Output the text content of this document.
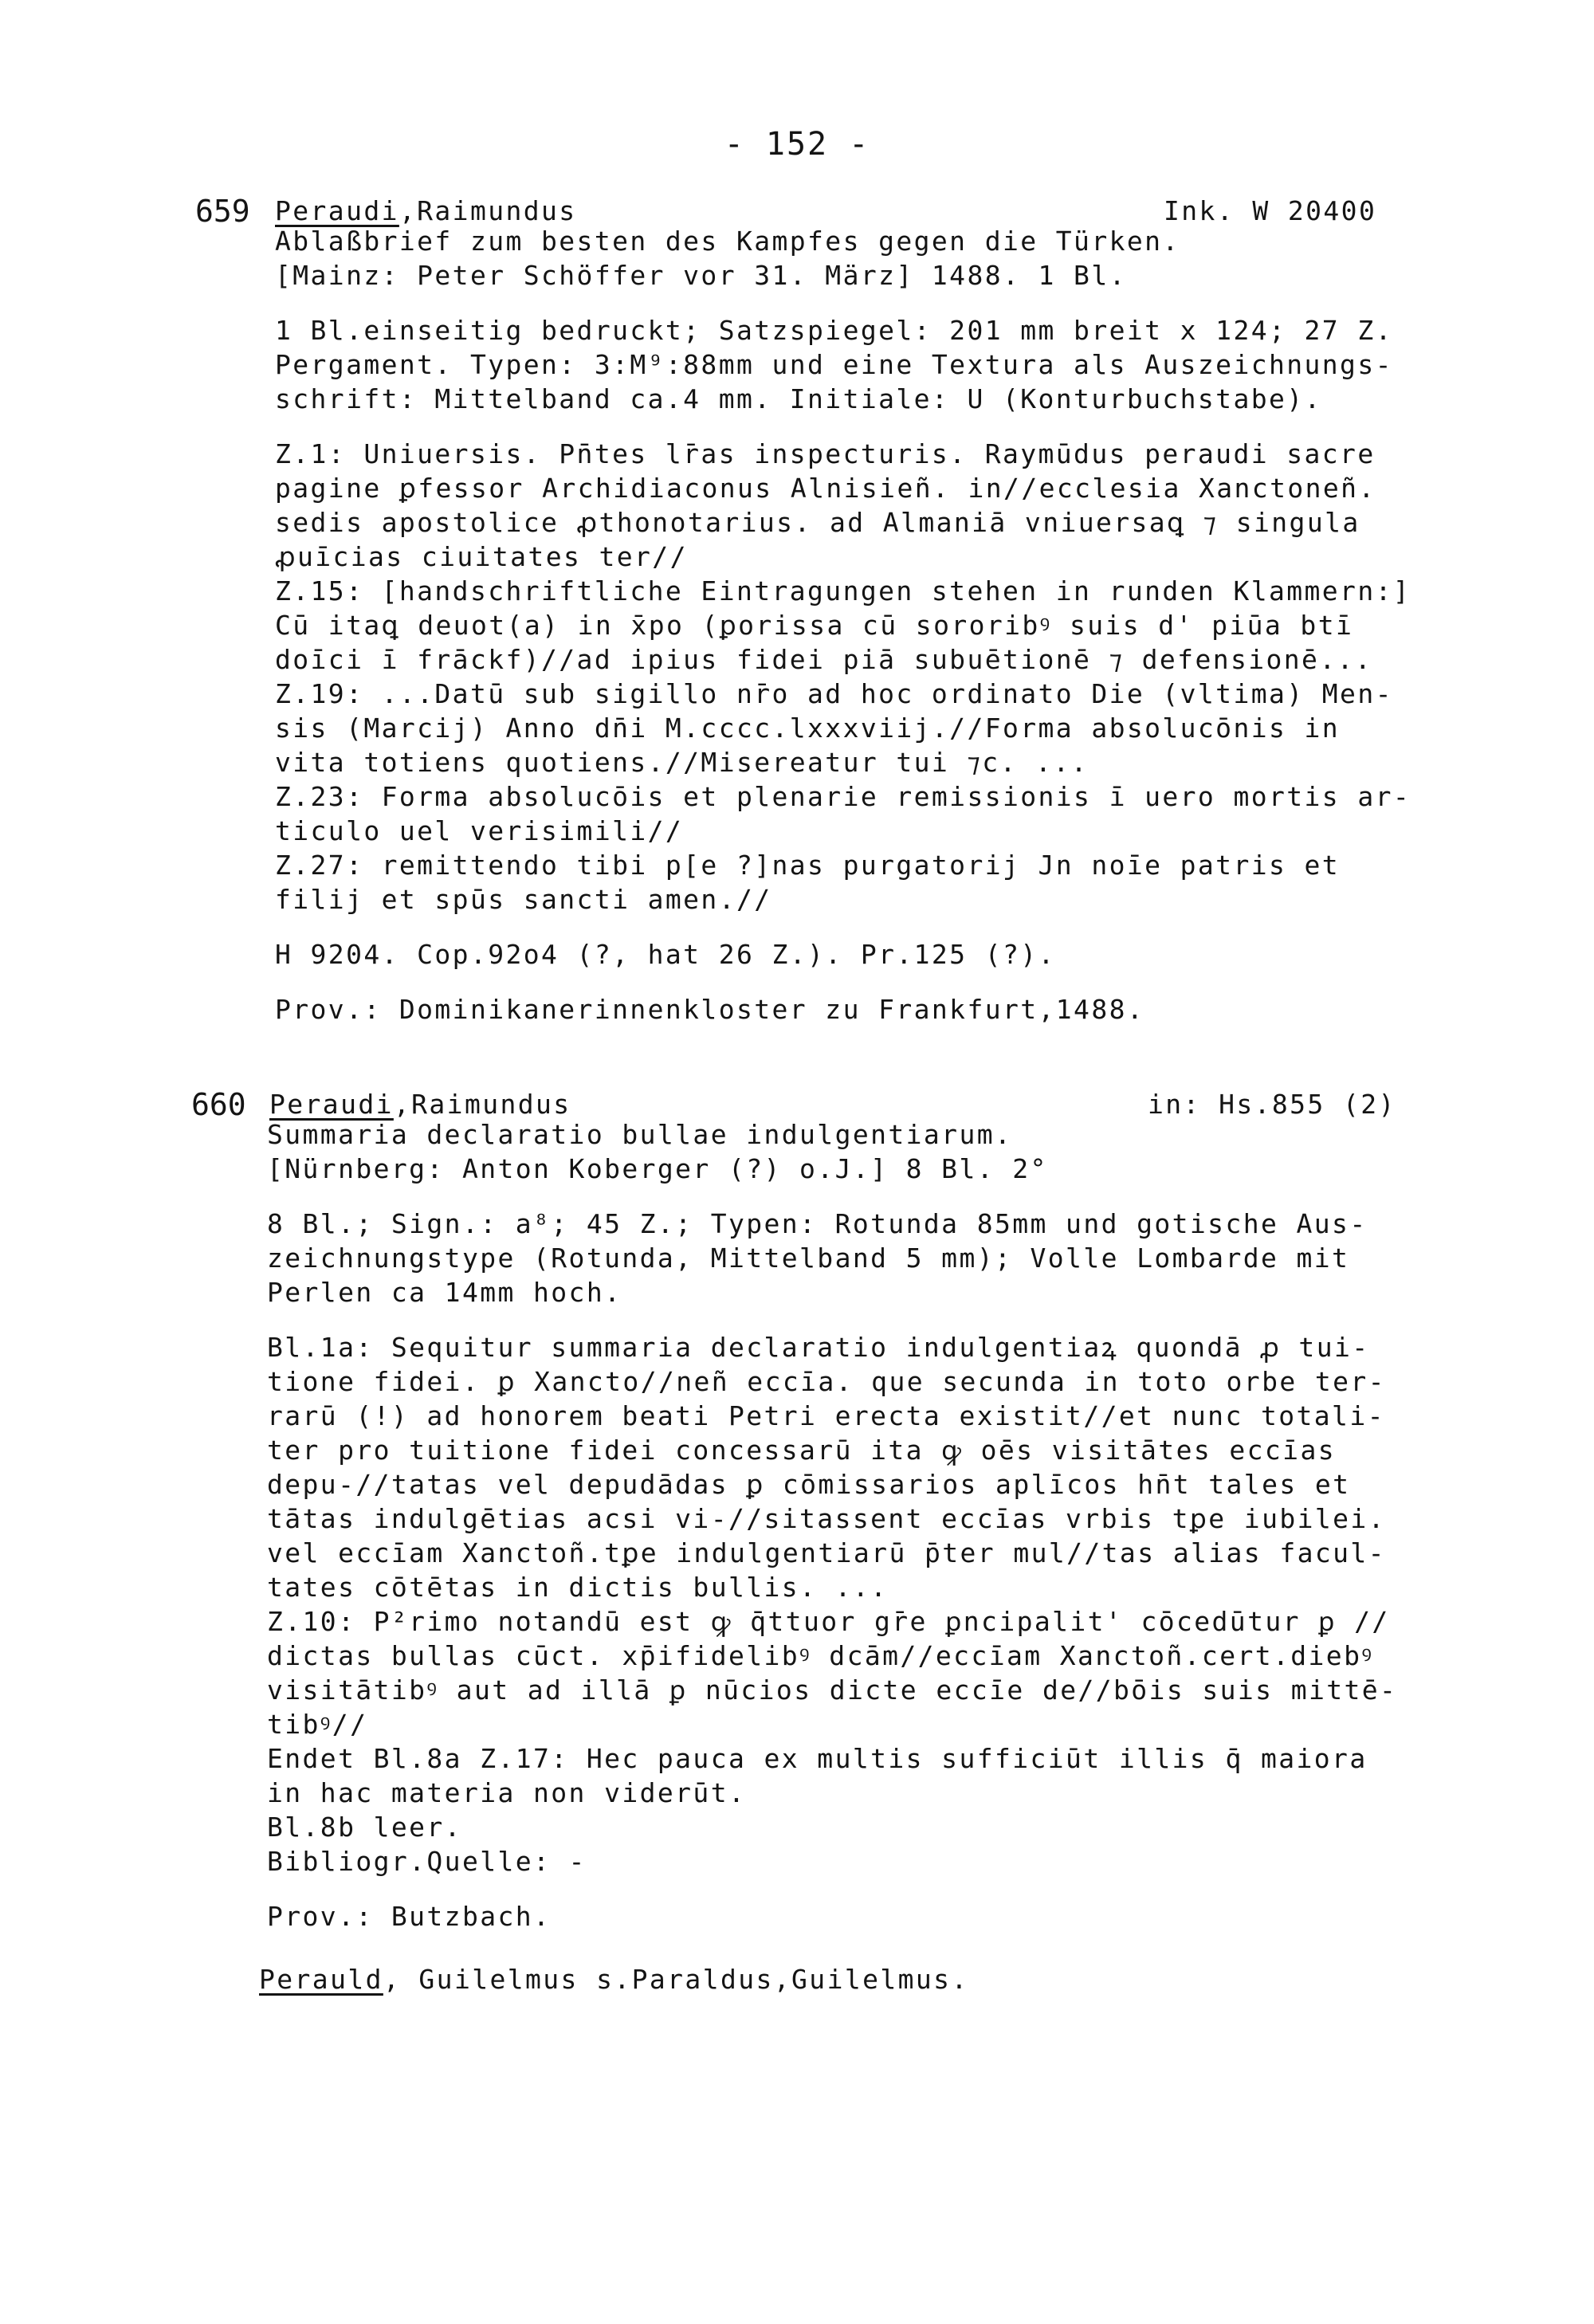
- 152 -
659 Peraudi,Raimundus	Ink. W 20400
Ablaßbrief zum besten des Kampfes gegen die Türken.
[Mainz: Peter Schöffer vor 31. März] 1488. 1 Bl.
1 Bl.einseitig bedruckt; Satzspiegel: 201 mm breit x 124; 27 Z.
Pergament. Typen: 3:M⁹:88mm und eine Textura als Auszeichnungs-
schrift: Mittelband ca.4 mm. Initiale: U (Konturbuchstabe).
Z.1: Uniuersis. Pn̄tes lr̄as inspecturis. Raymūdus peraudi sacre
pagine ꝑfessor Archidiaconus Alnisieñ. in//ecclesia Xanctoneñ.
sedis apostolice ꝓthonotarius. ad Almaniā vniuersaꝗ ⁊ singula
ꝓuīcias ciuitates ter//
Z.15: [handschriftliche Eintragungen stehen in runden Klammern:]
Cū itaꝗ deuot(a) in x̄po (ꝑorissa cū sororibꝰ suis d' piūa btī
doīci ī frāckf)//ad ipius fidei piā subuētionē ⁊ defensionē...
Z.19: ...Datū sub sigillo nr̄o ad hoc ordinato Die (vltima) Men-
sis (Marcij) Anno dn̄i M.cccc.lxxxviij.//Forma absolucōnis in
vita totiens quotiens.//Misereatur tui ⁊c. ...
Z.23: Forma absolucōis et plenarie remissionis ī uero mortis ar-
ticulo uel verisimili//
Z.27: remittendo tibi p[e ?]nas purgatorij Jn noīe patris et
filij et spūs sancti amen.//
H 9204. Cop.92o4 (?, hat 26 Z.). Pr.125 (?).
Prov.: Dominikanerinnenkloster zu Frankfurt,1488.
660 Peraudi,Raimundus	in: Hs.855 (2)
Summaria declaratio bullae indulgentiarum.
[Nürnberg: Anton Koberger (?) o.J.] 8 Bl. 2°
8 Bl.; Sign.: a⁸; 45 Z.; Typen: Rotunda 85mm und gotische Aus-
zeichnungstype (Rotunda, Mittelband 5 mm); Volle Lombarde mit
Perlen ca 14mm hoch.
Bl.1a: Sequitur summaria declaratio indulgentiaꝝ quondā ꝓ tui-
tione fidei. ꝑ Xancto//neñ eccīa. que secunda in toto orbe ter-
rarū (!) ad honorem beati Petri erecta existit//et nunc totali-
ter pro tuitione fidei concessarū ita ꝙ oēs visitātes eccīas
depu-//tatas vel depudādas ꝑ cōmissarios aplīcos hn̄t tales et
tātas indulgētias acsi vi-//sitassent eccīas vrbis tꝑe iubilei.
vel eccīam Xanctoñ.tꝑe indulgentiarū p̄ter mul//tas alias facul-
tates cōtētas in dictis bullis. ...
Z.10: P²rimo notandū est ꝙ q̄ttuor gr̄e ꝑncipalit' cōcedūtur ꝑ //
dictas bullas cūct. xp̄ifidelibꝰ dcām//eccīam Xanctoñ.cert.diebꝰ
visitātibꝰ aut ad illā ꝑ nūcios dicte eccīe de//bōis suis mittē-
tibꝰ//
Endet Bl.8a Z.17: Hec pauca ex multis sufficiūt illis q̄ maiora
in hac materia non viderūt.
Bl.8b leer.
Bibliogr.Quelle: -
Prov.: Butzbach.
Perauld, Guilelmus s.Paraldus,Guilelmus.
